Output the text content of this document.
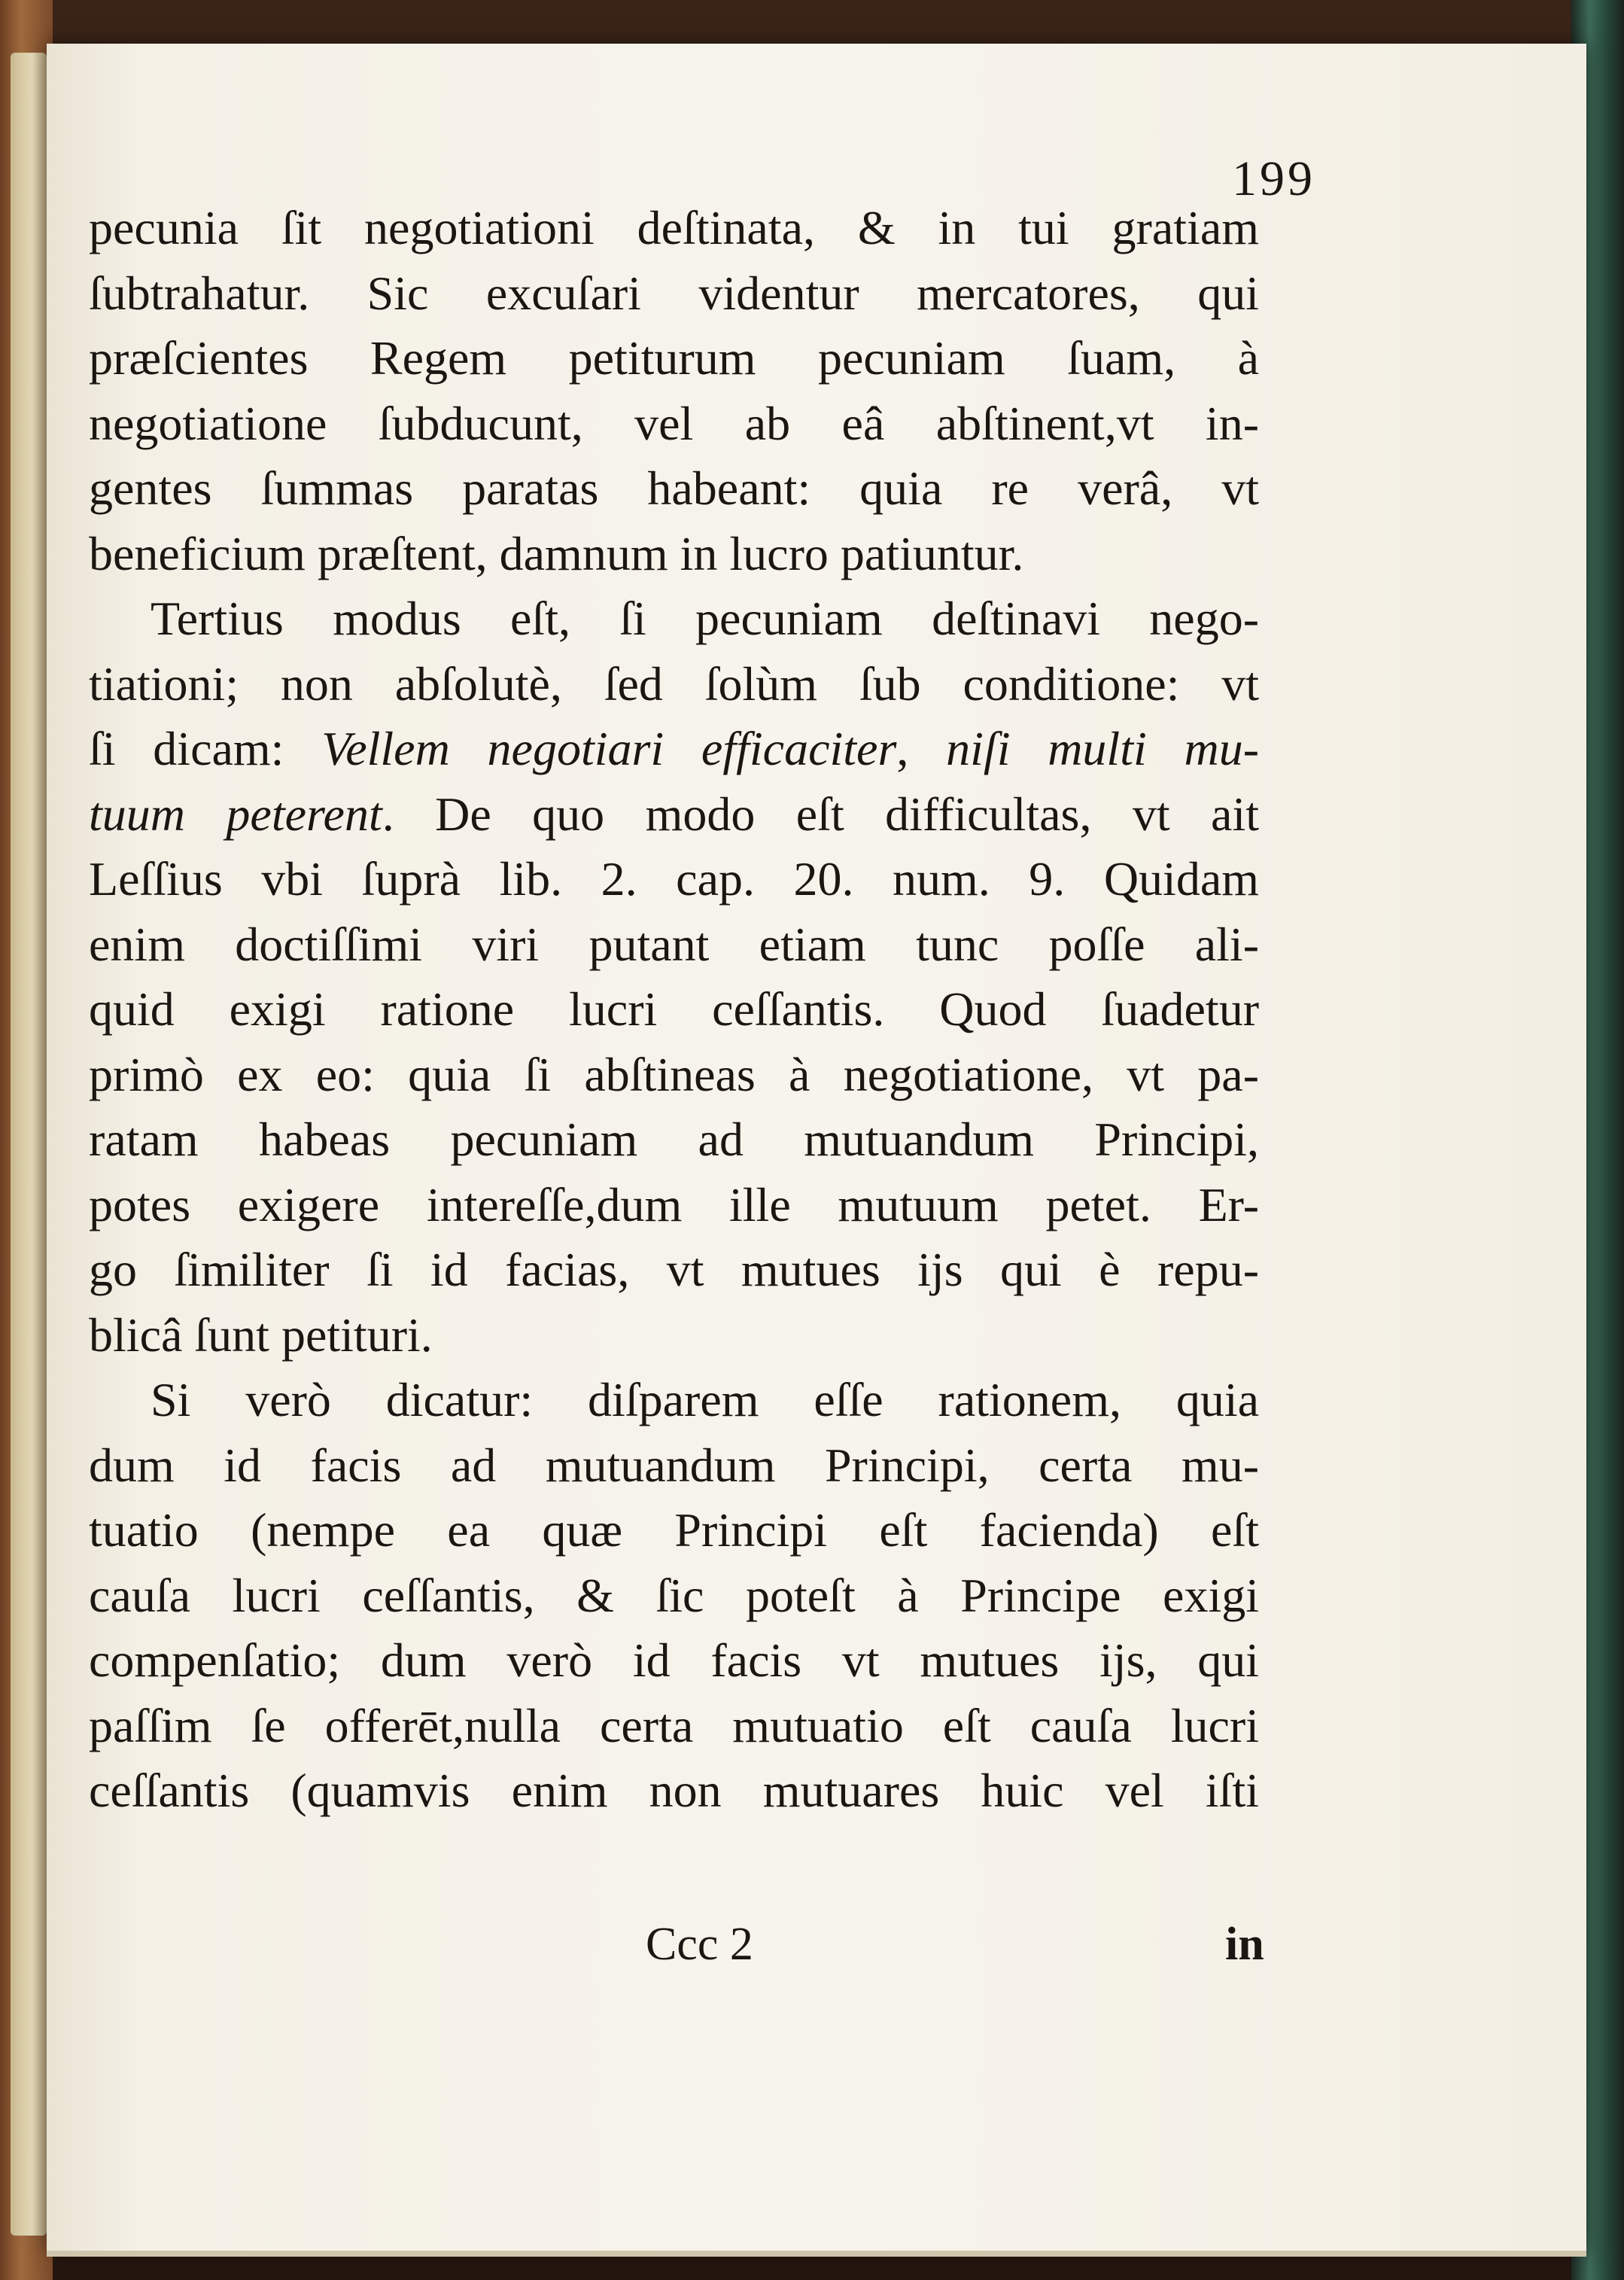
199
pecunia ſit negotiationi deſtinata, & in tui gratiam
ſubtrahatur. Sic excuſari videntur mercatores, qui
præſcientes Regem petiturum pecuniam ſuam, à
negotiatione ſubducunt, vel ab eâ abſtinent,vt in-
gentes ſummas paratas habeant: quia re verâ, vt
beneficium præſtent, damnum in lucro patiuntur.
Tertius modus eſt, ſi pecuniam deſtinavi nego-
tiationi; non abſolutè, ſed ſolùm ſub conditione: vt
ſi dicam: Vellem negotiari efficaciter, niſi multi mu-
tuum peterent. De quo modo eſt difficultas, vt ait
Leſſius vbi ſuprà lib. 2. cap. 20. num. 9. Quidam
enim doctiſſimi viri putant etiam tunc poſſe ali-
quid exigi ratione lucri ceſſantis. Quod ſuadetur
primò ex eo: quia ſi abſtineas à negotiatione, vt pa-
ratam habeas pecuniam ad mutuandum Principi,
potes exigere intereſſe,dum ille mutuum petet. Er-
go ſimiliter ſi id facias, vt mutues ijs qui è repu-
blicâ ſunt petituri.
Si verò dicatur: diſparem eſſe rationem, quia
dum id facis ad mutuandum Principi, certa mu-
tuatio (nempe ea quæ Principi eſt facienda) eſt
cauſa lucri ceſſantis, & ſic poteſt à Principe exigi
compenſatio; dum verò id facis vt mutues ijs, qui
paſſim ſe offerēt,nulla certa mutuatio eſt cauſa lucri
ceſſantis (quamvis enim non mutuares huic vel iſti
Ccc 2	in
